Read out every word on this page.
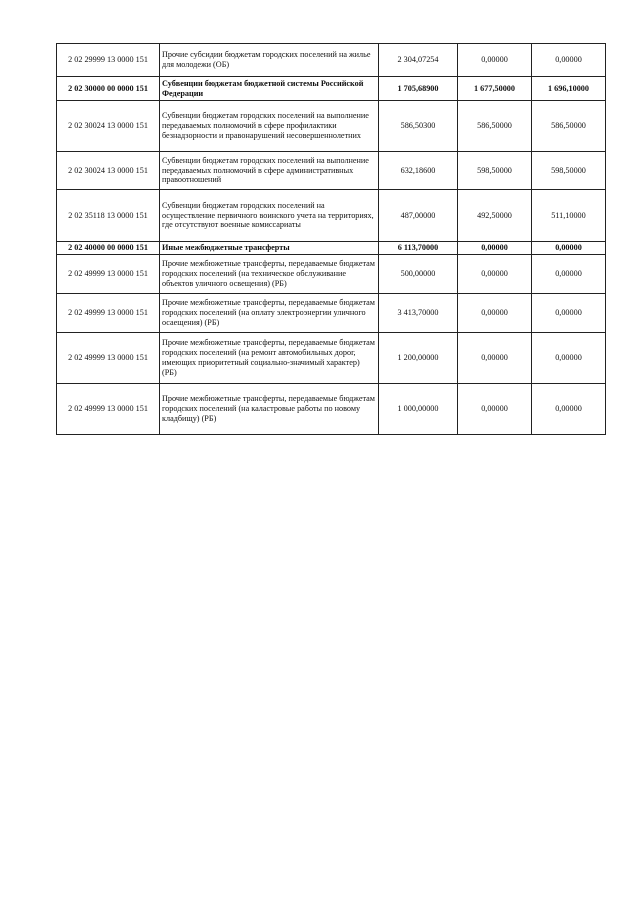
2 02 29999 13 0000 151	Прочие субсидии бюджетам городских поселений на жилье для молодежи (ОБ)	2 304,07254	0,00000	0,00000
2 02 30000 00 0000 151	Субвенции бюджетам бюджетной системы Российской Федерации	1 705,68900	1 677,50000	1 696,10000
2 02 30024 13 0000 151	Субвенции бюджетам городских поселений на выполнение передаваемых полномочий в сфере профилактики безнадзорности и правонарушений несовершеннолетних	586,50300	586,50000	586,50000
2 02 30024 13 0000 151	Субвенции бюджетам городских поселений на выполнение передаваемых полномочий в сфере административных правоотношений	632,18600	598,50000	598,50000
2 02 35118 13 0000 151	Субвенции бюджетам городских поселений на осуществление первичного воинского учета на территориях, где отсутствуют военные комиссариаты	487,00000	492,50000	511,10000
2 02 40000 00 0000 151	Иные межбюджетные трансферты	6 113,70000	0,00000	0,00000
2 02 49999 13 0000 151	Прочие межбюжетные трансферты, передаваемые бюджетам городских поселений (на техническое обслуживание объектов уличного освещения) (РБ)	500,00000	0,00000	0,00000
2 02 49999 13 0000 151	Прочие межбюжетные трансферты, передаваемые бюджетам городских поселений (на оплату электроэнергии уличного осаещения) (РБ)	3 413,70000	0,00000	0,00000
2 02 49999 13 0000 151	Прочие межбюжетные трансферты, передаваемые бюджетам городских поселений (на ремонт автомобильных дорог, имеющих приоритетный социально-значимый характер) (РБ)	1 200,00000	0,00000	0,00000
2 02 49999 13 0000 151	Прочие межбюжетные трансферты, передаваемые бюджетам городских поселений (на каластровые работы по новому кладбищу) (РБ)	1 000,00000	0,00000	0,00000
